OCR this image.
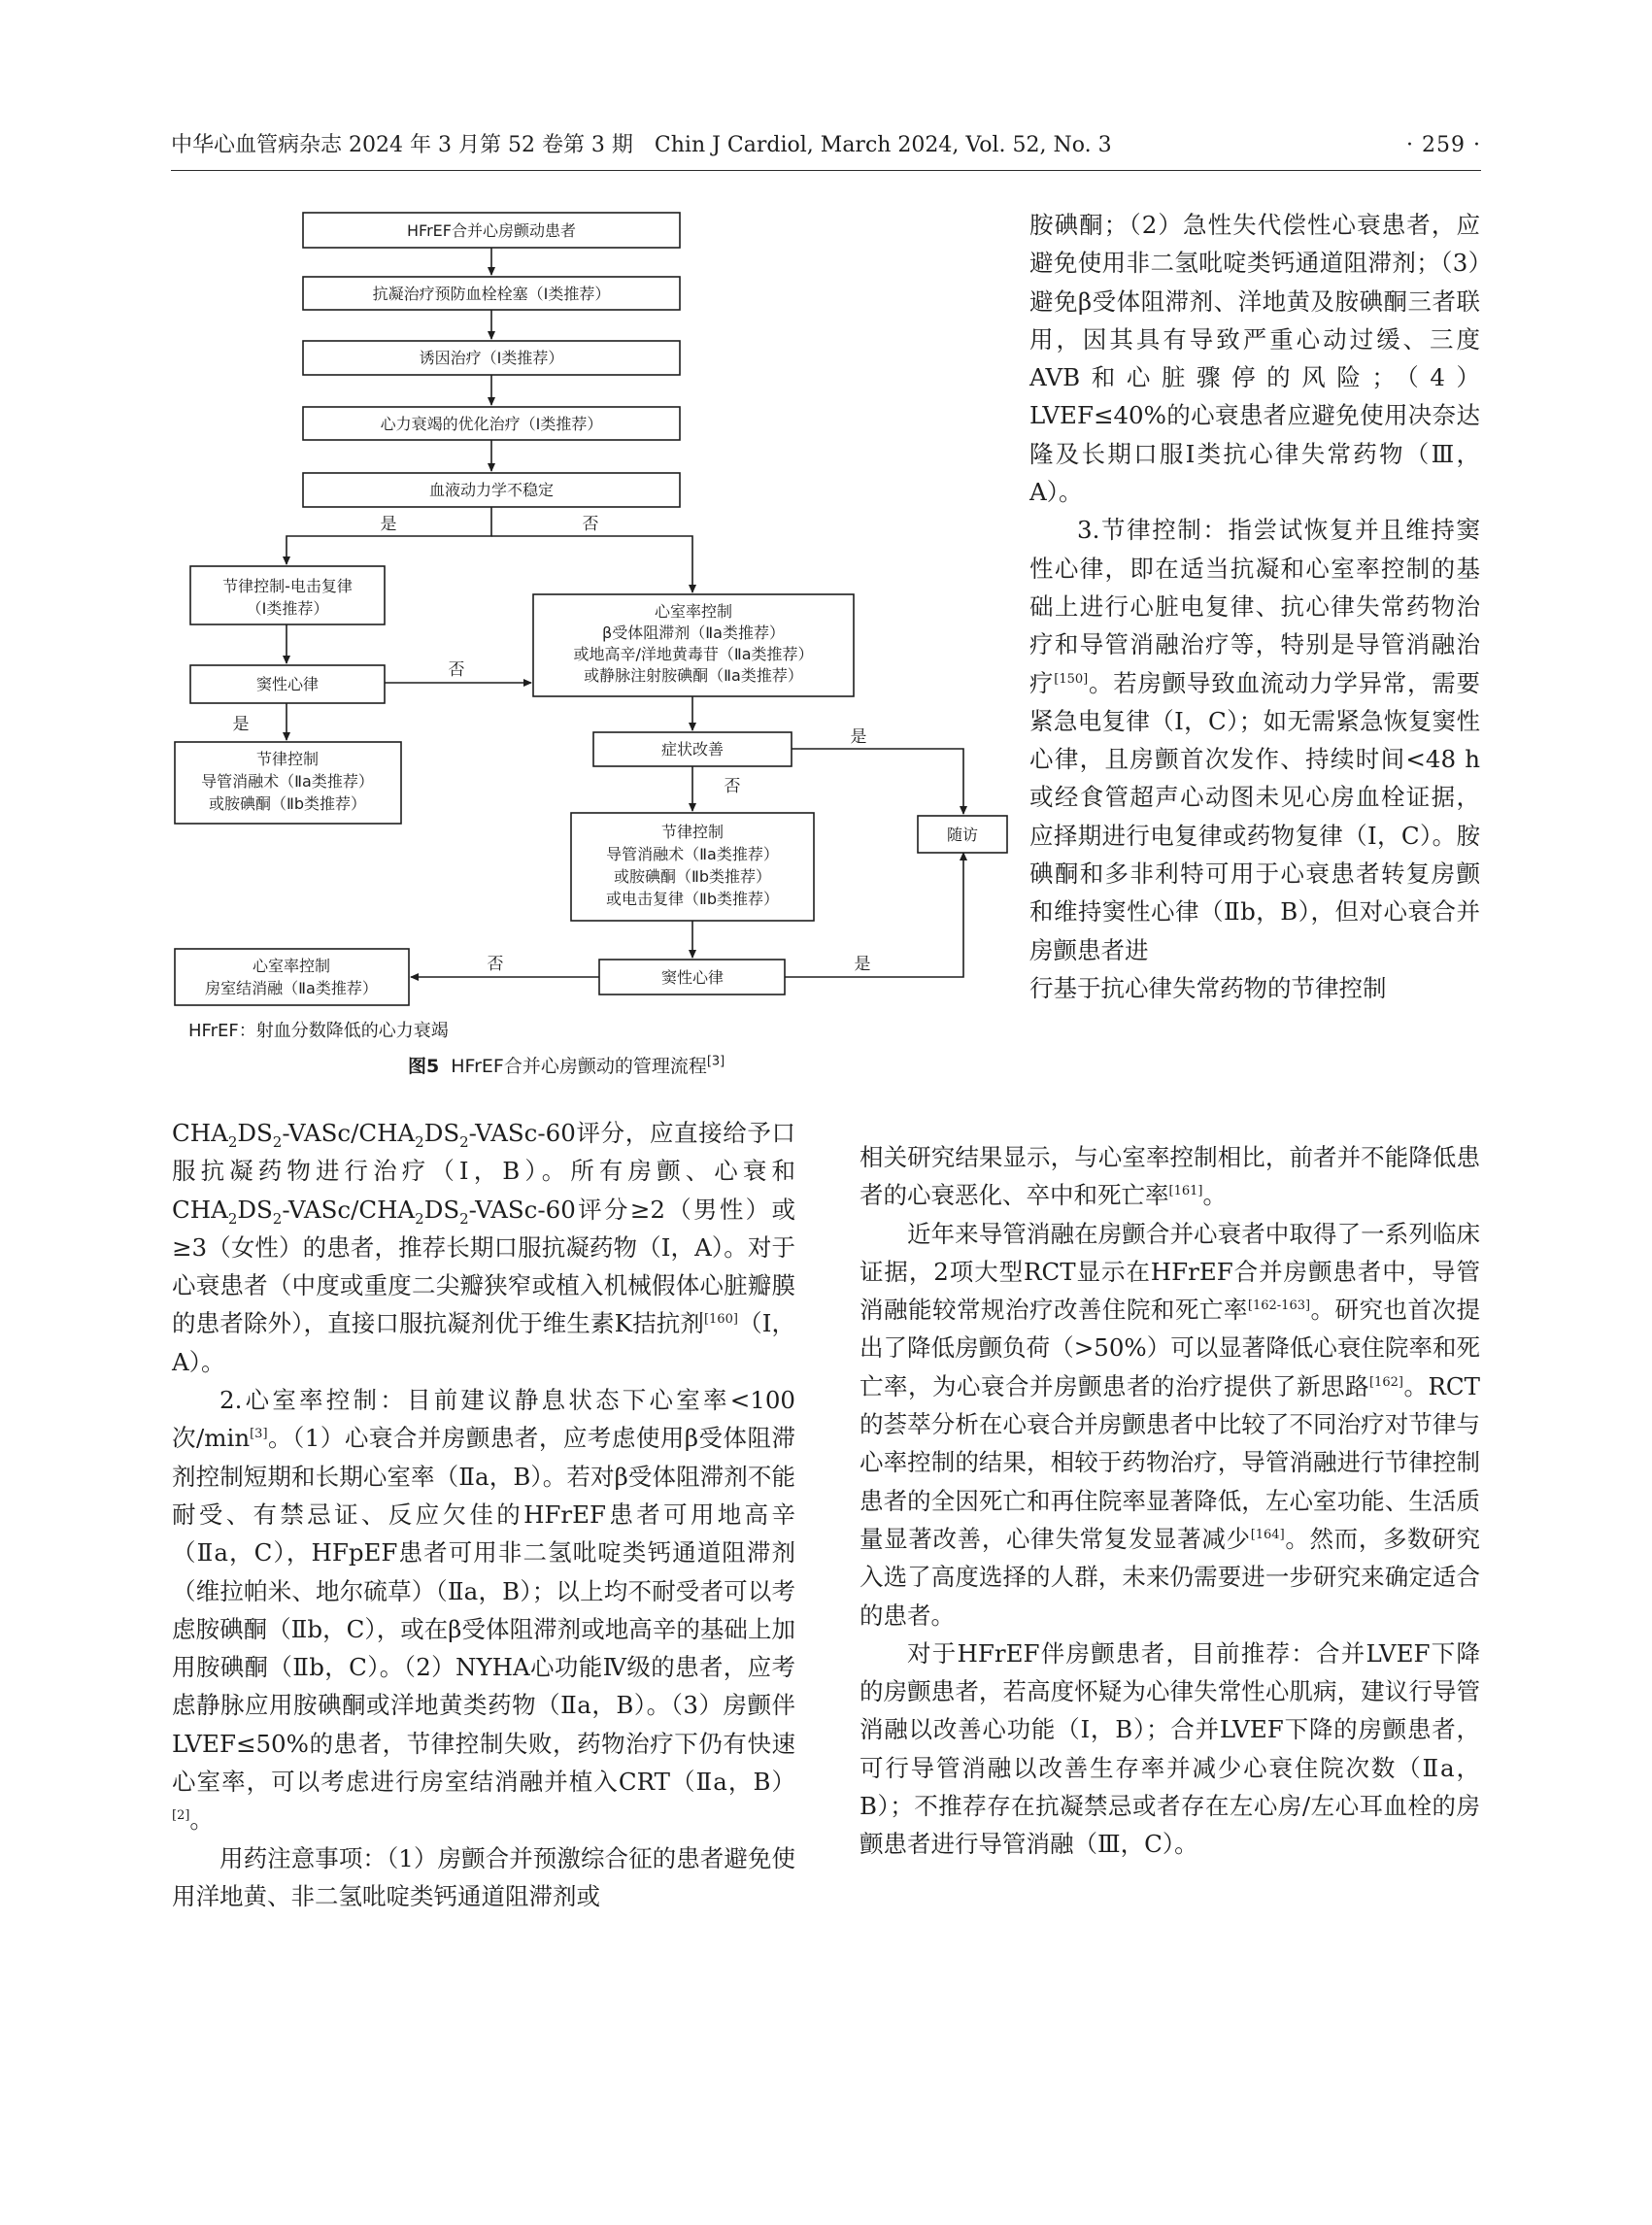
中华心血管病杂志 2024 年 3 月第 52 卷第 3 期　Chin J Cardiol, March 2024, Vol. 52, No. 3	· 259 ·
HFrEF合并心房颤动患者
抗凝治疗预防血栓栓塞（Ⅰ类推荐）
诱因治疗（Ⅰ类推荐）
心力衰竭的优化治疗（Ⅰ类推荐）
血液动力学不稳定
节律控制-电击复律
（Ⅰ类推荐）
窦性心律
心室率控制
β受体阻滞剂（Ⅱa类推荐）
或地高辛/洋地黄毒苷（Ⅱa类推荐）
或静脉注射胺碘酮（Ⅱa类推荐）
节律控制
导管消融术（Ⅱa类推荐）
或胺碘酮（Ⅱb类推荐）
症状改善
随访
节律控制
导管消融术（Ⅱa类推荐）
或胺碘酮（Ⅱb类推荐）
或电击复律（Ⅱb类推荐）
窦性心律
心室率控制
房室结消融（Ⅱa类推荐）
是	否
否
是
是
否
是
否
HFrEF：射血分数降低的心力衰竭
图5 HFrEF合并心房颤动的管理流程[3]

$CHA_2DS_2-VASc/CHA_2DS_2-VASc-60$评分，应直接给予口服抗凝药物进行治疗（Ⅰ，B）。所有房颤、心衰和$CHA_2DS_2-VASc/CHA_2DS_2-VASc-60$评分≥2（男性）或≥3（女性）的患者，推荐长期口服抗凝药物（Ⅰ，A）。对于心衰患者（中度或重度二尖瓣狭窄或植入机械假体心脏瓣膜的患者除外），直接口服抗凝剂优于维生素K拮抗剂[160]（Ⅰ，A）。

2.心室率控制：目前建议静息状态下心室率<100次/min[3]。（1）心衰合并房颤患者，应考虑使用β受体阻滞剂控制短期和长期心室率（Ⅱa，B）。若对β受体阻滞剂不能耐受、有禁忌证、反应欠佳的HFrEF患者可用地高辛（Ⅱa，C），HFpEF患者可用非二氢吡啶类钙通道阻滞剂（维拉帕米、地尔硫草）（Ⅱa，B）；以上均不耐受者可以考虑胺碘酮（Ⅱb，C），或在β受体阻滞剂或地高辛的基础上加用胺碘酮（Ⅱb，C）。（2）NYHA心功能Ⅳ级的患者，应考虑静脉应用胺碘酮或洋地黄类药物（Ⅱa，B）。（3）房颤伴LVEF≤50%的患者，节律控制失败，药物治疗下仍有快速心室率，可以考虑进行房室结消融并植入CRT（Ⅱa，B）[2]。

用药注意事项：（1）房颤合并预激综合征的患者避免使用洋地黄、非二氢吡啶类钙通道阻滞剂或

胺碘酮；（2）急性失代偿性心衰患者，应避免使用非二氢吡啶类钙通道阻滞剂；（3）避免β受体阻滞剂、洋地黄及胺碘酮三者联用，因其具有导致严重心动过缓、三度AVB和心脏骤停的风险；（4）LVEF≤40%的心衰患者应避免使用决奈达隆及长期口服Ⅰ类抗心律失常药物（Ⅲ，A）。

3.节律控制：指尝试恢复并且维持窦性心律，即在适当抗凝和心室率控制的基础上进行心脏电复律、抗心律失常药物治疗和导管消融治疗等，特别是导管消融治疗[150]。若房颤导致血流动力学异常，需要紧急电复律（Ⅰ，C）；如无需紧急恢复窦性心律，且房颤首次发作、持续时间<48 h或经食管超声心动图未见心房血栓证据，应择期进行电复律或药物复律（Ⅰ，C）。胺碘酮和多非利特可用于心衰患者转复房颤和维持窦性心律（Ⅱb，B），但对心衰合并房颤患者进

行基于抗心律失常药物的节律控制

相关研究结果显示，与心室率控制相比，前者并不能降低患者的心衰恶化、卒中和死亡率[161]。

近年来导管消融在房颤合并心衰者中取得了一系列临床证据，2项大型RCT显示在HFrEF合并房颤患者中，导管消融能较常规治疗改善住院和死亡率[162-163]。研究也首次提出了降低房颤负荷（>50%）可以显著降低心衰住院率和死亡率，为心衰合并房颤患者的治疗提供了新思路[162]。RCT的荟萃分析在心衰合并房颤患者中比较了不同治疗对节律与心率控制的结果，相较于药物治疗，导管消融进行节律控制患者的全因死亡和再住院率显著降低，左心室功能、生活质量显著改善，心律失常复发显著减少[164]。然而，多数研究入选了高度选择的人群，未来仍需要进一步研究来确定适合的患者。

对于HFrEF伴房颤患者，目前推荐：合并LVEF下降的房颤患者，若高度怀疑为心律失常性心肌病，建议行导管消融以改善心功能（Ⅰ，B）；合并LVEF下降的房颤患者，可行导管消融以改善生存率并减少心衰住院次数（Ⅱa，B）；不推荐存在抗凝禁忌或者存在左心房/左心耳血栓的房颤患者进行导管消融（Ⅲ，C）。
